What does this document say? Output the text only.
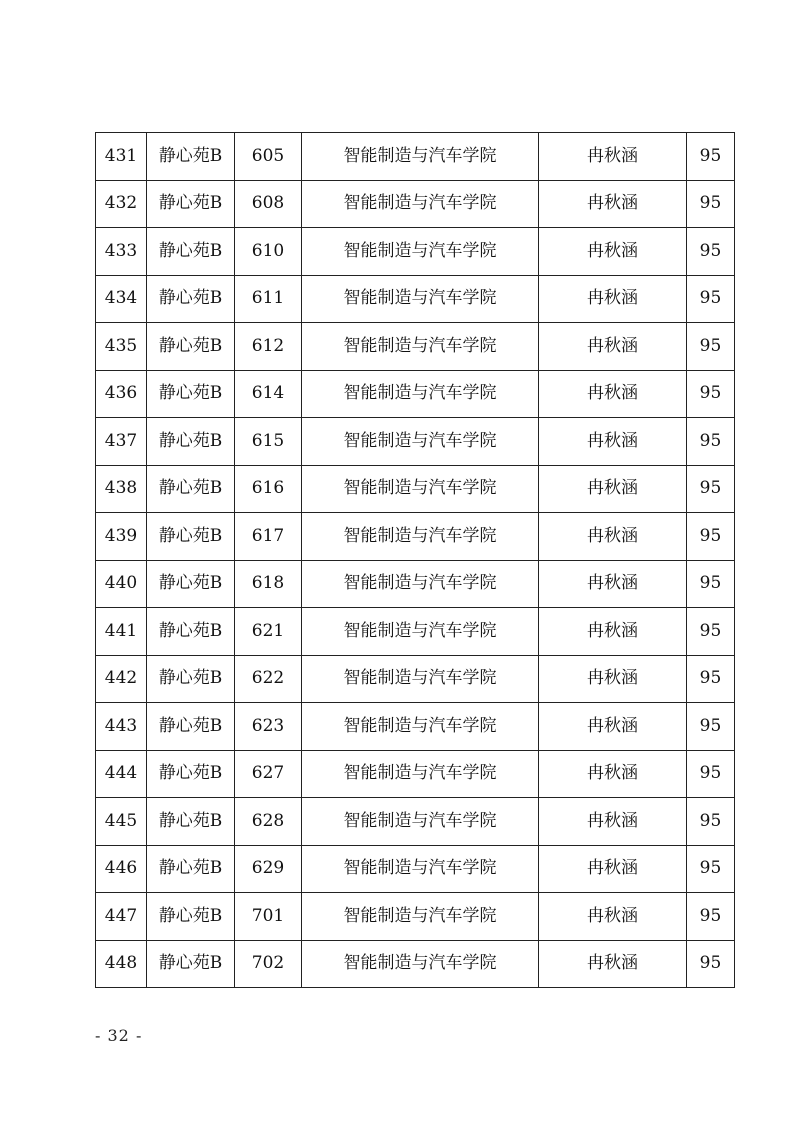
431	静心苑B	605	智能制造与汽车学院	冉秋涵	95
432	静心苑B	608	智能制造与汽车学院	冉秋涵	95
433	静心苑B	610	智能制造与汽车学院	冉秋涵	95
434	静心苑B	611	智能制造与汽车学院	冉秋涵	95
435	静心苑B	612	智能制造与汽车学院	冉秋涵	95
436	静心苑B	614	智能制造与汽车学院	冉秋涵	95
437	静心苑B	615	智能制造与汽车学院	冉秋涵	95
438	静心苑B	616	智能制造与汽车学院	冉秋涵	95
439	静心苑B	617	智能制造与汽车学院	冉秋涵	95
440	静心苑B	618	智能制造与汽车学院	冉秋涵	95
441	静心苑B	621	智能制造与汽车学院	冉秋涵	95
442	静心苑B	622	智能制造与汽车学院	冉秋涵	95
443	静心苑B	623	智能制造与汽车学院	冉秋涵	95
444	静心苑B	627	智能制造与汽车学院	冉秋涵	95
445	静心苑B	628	智能制造与汽车学院	冉秋涵	95
446	静心苑B	629	智能制造与汽车学院	冉秋涵	95
447	静心苑B	701	智能制造与汽车学院	冉秋涵	95
448	静心苑B	702	智能制造与汽车学院	冉秋涵	95
- 32 -
